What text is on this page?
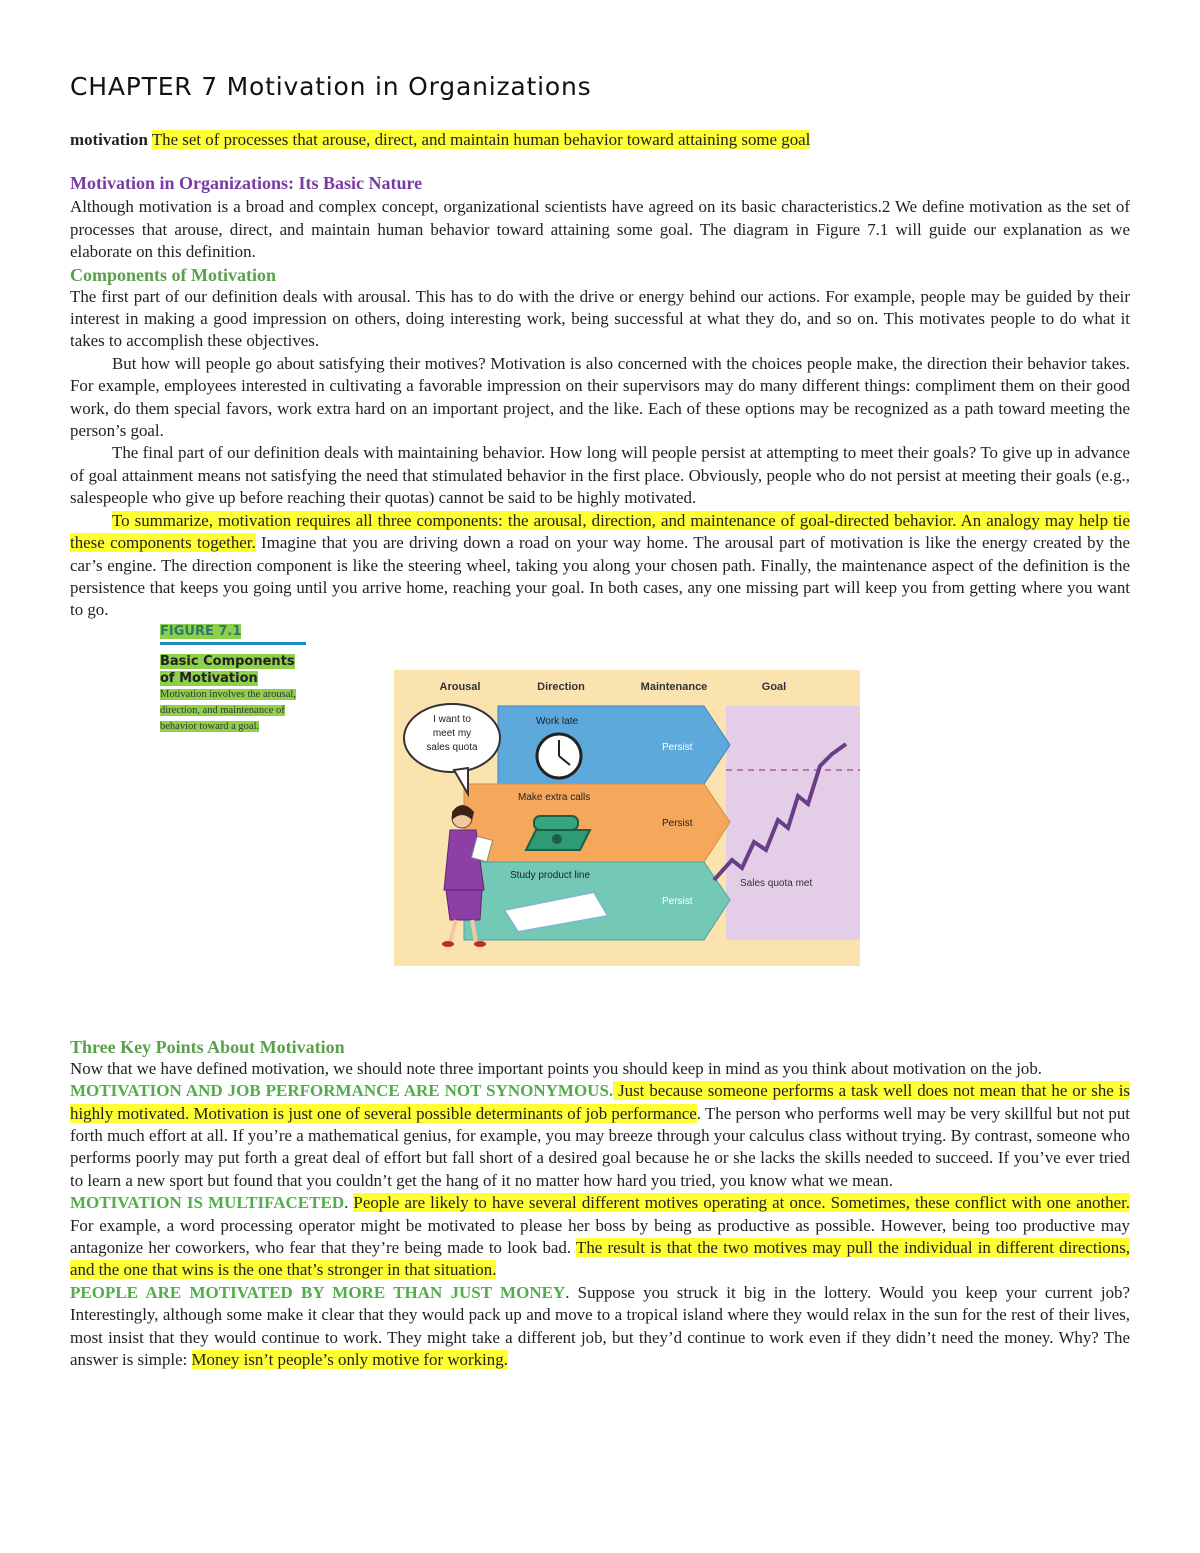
CHAPTER 7 Motivation in Organizations

motivation The set of processes that arouse, direct, and maintain human behavior toward attaining some goal

Motivation in Organizations: Its Basic Nature

Although motivation is a broad and complex concept, organizational scientists have agreed on its basic characteristics.2 We define motivation as the set of processes that arouse, direct, and maintain human behavior toward attaining some goal. The diagram in Figure 7.1 will guide our explanation as we elaborate on this definition.

Components of Motivation

The first part of our definition deals with arousal. This has to do with the drive or energy behind our actions. For example, people may be guided by their interest in making a good impression on others, doing interesting work, being successful at what they do, and so on. This motivates people to do what it takes to accomplish these objectives.

But how will people go about satisfying their motives? Motivation is also concerned with the choices people make, the direction their behavior takes. For example, employees interested in cultivating a favorable impression on their supervisors may do many different things: compliment them on their good work, do them special favors, work extra hard on an important project, and the like. Each of these options may be recognized as a path toward meeting the person’s goal.

The final part of our definition deals with maintaining behavior. How long will people persist at attempting to meet their goals? To give up in advance of goal attainment means not satisfying the need that stimulated behavior in the first place. Obviously, people who do not persist at meeting their goals (e.g., salespeople who give up before reaching their quotas) cannot be said to be highly motivated.

To summarize, motivation requires all three components: the arousal, direction, and maintenance of goal-directed behavior. An analogy may help tie these components together. Imagine that you are driving down a road on your way home. The arousal part of motivation is like the energy created by the car’s engine. The direction component is like the steering wheel, taking you along your chosen path. Finally, the maintenance aspect of the definition is the persistence that keeps you going until you arrive home, reaching your goal. In both cases, any one missing part will keep you from getting where you want to go.

Arousal	Direction	Maintenance	Goal
Work late
Make extra calls
Study product line
Persist
Persist
Persist
Sales quota met
I want to
meet my
sales quota
Three Key Points About Motivation

Now that we have defined motivation, we should note three important points you should keep in mind as you think about motivation on the job.

MOTIVATION AND JOB PERFORMANCE ARE NOT SYNONYMOUS. Just because someone performs a task well does not mean that he or she is highly motivated. Motivation is just one of several possible determinants of job performance. The person who performs well may be very skillful but not put forth much effort at all. If you’re a mathematical genius, for example, you may breeze through your calculus class without trying. By contrast, someone who performs poorly may put forth a great deal of effort but fall short of a desired goal because he or she lacks the skills needed to succeed. If you’ve ever tried to learn a new sport but found that you couldn’t get the hang of it no matter how hard you tried, you know what we mean.

MOTIVATION IS MULTIFACETED. People are likely to have several different motives operating at once. Sometimes, these conflict with one another. For example, a word processing operator might be motivated to please her boss by being as productive as possible. However, being too productive may antagonize her coworkers, who fear that they’re being made to look bad. The result is that the two motives may pull the individual in different directions, and the one that wins is the one that’s stronger in that situation.

PEOPLE ARE MOTIVATED BY MORE THAN JUST MONEY. Suppose you struck it big in the lottery. Would you keep your current job? Interestingly, although some make it clear that they would pack up and move to a tropical island where they would relax in the sun for the rest of their lives, most insist that they would continue to work. They might take a different job, but they’d continue to work even if they didn’t need the money. Why? The answer is simple: Money isn’t people’s only motive for working.

FIGURE 7.1
Basic Components of Motivation
Motivation involves the arousal, direction, and maintenance of behavior toward a goal.
